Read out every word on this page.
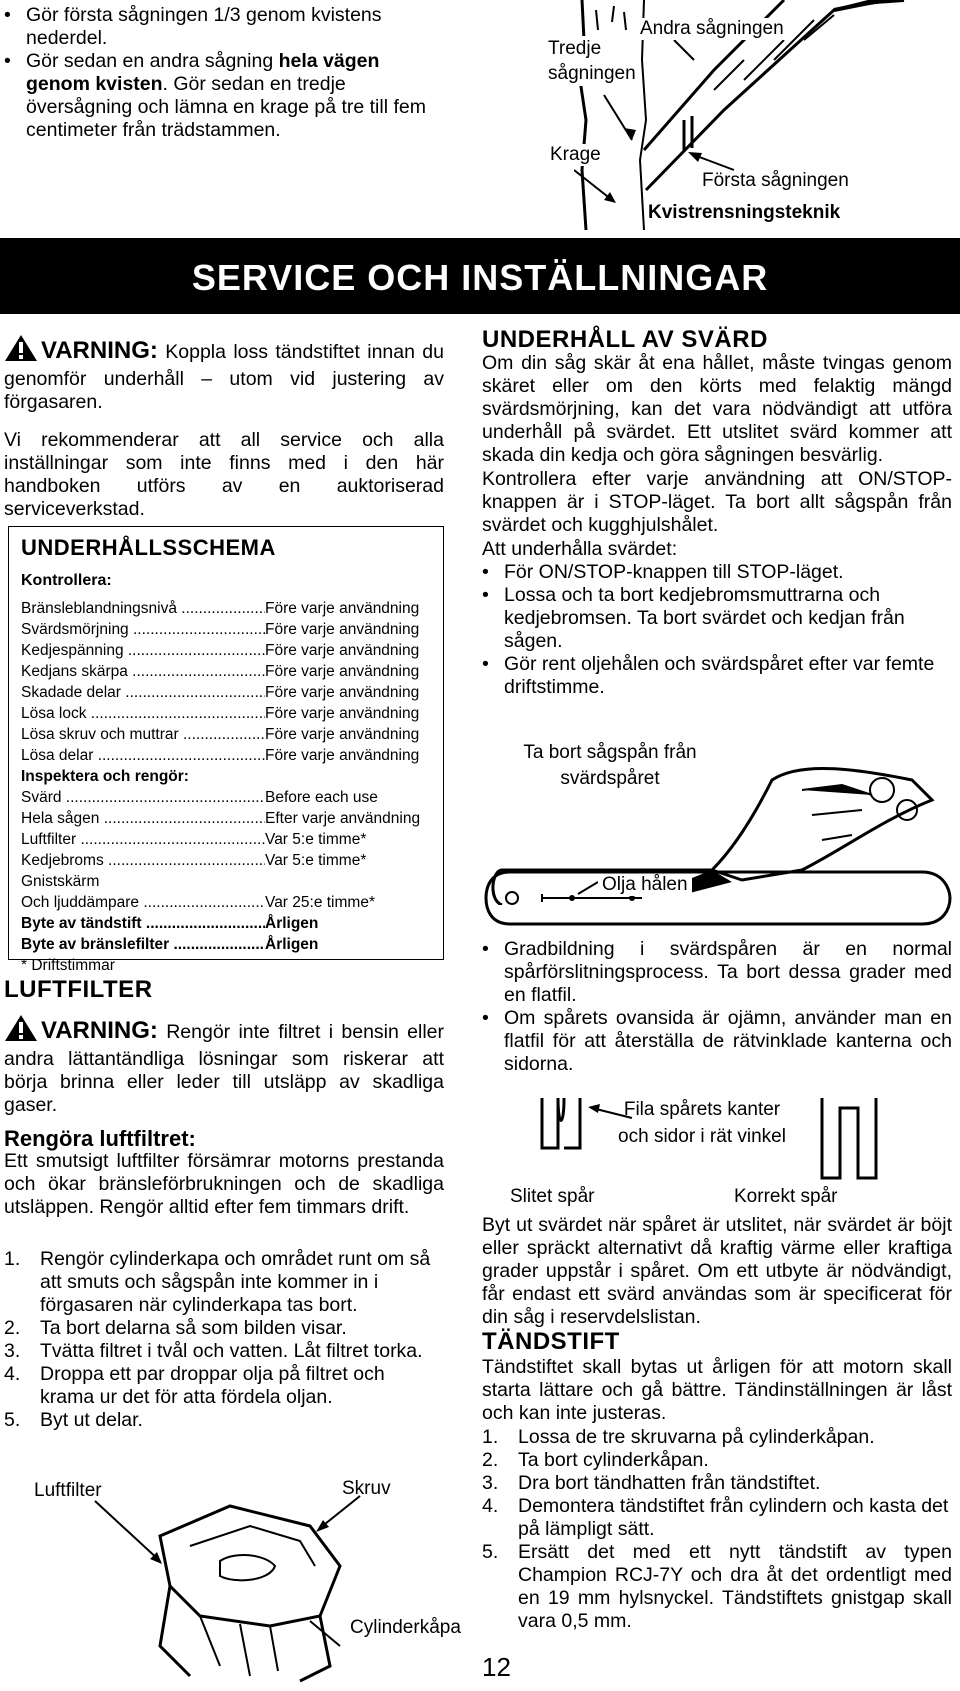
• Gör första sågningen 1/3 genom kvistens nederdel.
• Gör sedan en andra sågning hela vägen genom kvisten. Gör sedan en tredje översågning och lämna en krage på tre till fem centimeter från trädstammen.
Tredje sågningen
Andra sågningen
Krage
Första sågningen
Kvistrensningsteknik
SERVICE OCH INSTÄLLNINGAR
VARNING: Koppla loss tändstiftet innan du genomför underhåll – utom vid justering av förgasaren.
Vi rekommenderar att all service och alla inställningar som inte finns med i den här handboken utförs av en auktoriserad serviceverkstad.
UNDERHÅLLSSCHEMA
Kontrollera:
Bränsleblandningsnivå .....	Före varje användning
Svärdsmörjning .....	Före varje användning
Kedjespänning .....	Före varje användning
Kedjans skärpa .....	Före varje användning
Skadade delar .....	Före varje användning
Lösa lock .....	Före varje användning
Lösa skruv och muttrar .....	Före varje användning
Lösa delar .....	Före varje användning
Inspektera och rengör:
Svärd .....	Before each use
Hela sågen .....	Efter varje användning
Luftfilter .....	Var 5:e timme*
Kedjebroms .....	Var 5:e timme*
Gnistskärm
Och ljuddämpare .....	Var 25:e timme*
Byte av tändstift .....	Årligen
Byte av bränslefilter .....	Årligen
* Driftstimmar
LUFTFILTER
VARNING: Rengör inte filtret i bensin eller andra lättantändliga lösningar som riskerar att börja brinna eller leder till utsläpp av skadliga gaser.
Rengöra luftfiltret:
Ett smutsigt luftfilter försämrar motorns prestanda och ökar bränsleförbrukningen och de skadliga utsläppen. Rengör alltid efter fem timmars drift.
1. Rengör cylinderkapa och området runt om så att smuts och sågspån inte kommer in i förgasaren när cylinderkapa tas bort.
2. Ta bort delarna så som bilden visar.
3. Tvätta filtret i tvål och vatten. Låt filtret torka.
4. Droppa ett par droppar olja på filtret och krama ur det för atta fördela oljan.
5. Byt ut delar.
Luftfilter	Skruv
Cylinderkåpa
UNDERHÅLL AV SVÄRD
Om din såg skär åt ena hållet, måste tvingas genom skäret eller om den körts med felaktig mängd svärdsmörjning, kan det vara nödvändigt att utföra underhåll på svärdet. Ett utslitet svärd kommer att skada din kedja och göra sågningen besvärlig.
Kontrollera efter varje användning att ON/STOP-knappen är i STOP-läget. Ta bort allt sågspån från svärdet och kugghjulshålet.
Att underhålla svärdet:
• För ON/STOP-knappen till STOP-läget.
• Lossa och ta bort kedjebromsmuttrarna och kedjebromsen. Ta bort svärdet och kedjan från sågen.
• Gör rent oljehålen och svärdspåret efter var femte driftstimme.
Ta bort sågspån från svärdspåret
Olja hålen
• Gradbildning i svärdspåren är en normal spårförslitningsprocess. Ta bort dessa grader med en flatfil.
• Om spårets ovansida är ojämn, använder man en flatfil för att återställa de rätvinklade kanterna och sidorna.
Fila spårets kanter och sidor i rät vinkel
Slitet spår	Korrekt spår
Byt ut svärdet när spåret är utslitet, när svärdet är böjt eller spräckt alternativt då kraftig värme eller kraftiga grader uppstår i spåret. Om ett utbyte är nödvändigt, får endast ett svärd användas som är specificerat för din såg i reservdelslistan.
TÄNDSTIFT
Tändstiftet skall bytas ut årligen för att motorn skall starta lättare och gå bättre. Tändinställningen är låst och kan inte justeras.
1. Lossa de tre skruvarna på cylinderkåpan.
2. Ta bort cylinderkåpan.
3. Dra bort tändhatten från tändstiftet.
4. Demontera tändstiftet från cylindern och kasta det på lämpligt sätt.
5. Ersätt det med ett nytt tändstift av typen Champion RCJ-7Y och dra åt det ordentligt med en 19 mm hylsnyckel. Tändstiftets gnistgap skall vara 0,5 mm.
12
